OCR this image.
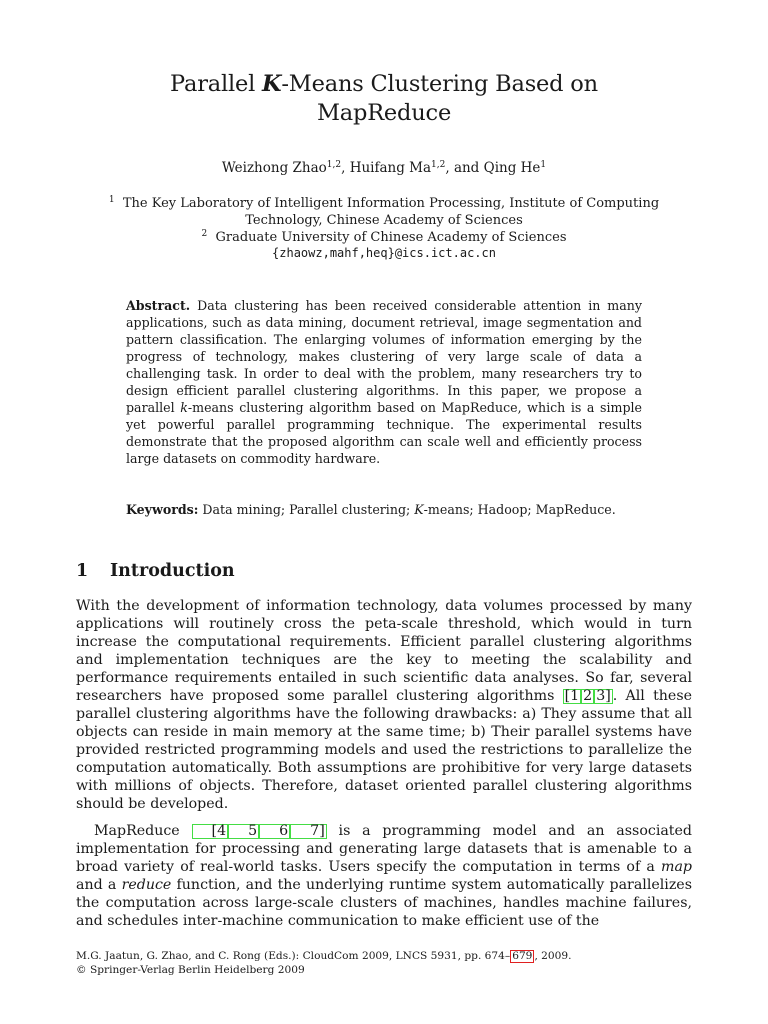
Parallel K-Means Clustering Based on
MapReduce
Weizhong Zhao$^{1,2}$, Huifang Ma$^{1,2}$, and Qing He$^1$
$^1$ The Key Laboratory of Intelligent Information Processing, Institute of Computing Technology, Chinese Academy of Sciences
$^2$ Graduate University of Chinese Academy of Sciences
{zhaowz,mahf,heq}@ics.ict.ac.cn
Abstract. Data clustering has been received considerable attention in many applications, such as data mining, document retrieval, image segmentation and pattern classification. The enlarging volumes of information emerging by the progress of technology, makes clustering of very large scale of data a challenging task. In order to deal with the problem, many researchers try to design efficient parallel clustering algorithms. In this paper, we propose a parallel k-means clustering algorithm based on MapReduce, which is a simple yet powerful parallel programming technique. The experimental results demonstrate that the proposed algorithm can scale well and efficiently process large datasets on commodity hardware.
Keywords: Data mining; Parallel clustering; K-means; Hadoop; MapReduce.
1 Introduction
With the development of information technology, data volumes processed by many applications will routinely cross the peta-scale threshold, which would in turn increase the computational requirements. Efficient parallel clustering algorithms and implementation techniques are the key to meeting the scalability and performance requirements entailed in such scientific data analyses. So far, several researchers have proposed some parallel clustering algorithms [1 2 3] . All these parallel clustering algorithms have the following drawbacks: a) They assume that all objects can reside in main memory at the same time; b) Their parallel systems have provided restricted programming models and used the restrictions to parallelize the computation automatically. Both assumptions are prohibitive for very large datasets with millions of objects. Therefore, dataset oriented parallel clustering algorithms should be developed.
MapReduce [4 5 6 7] is a programming model and an associated implementation for processing and generating large datasets that is amenable to a broad variety of real-world tasks. Users specify the computation in terms of a map and a reduce function, and the underlying runtime system automatically parallelizes the computation across large-scale clusters of machines, handles machine failures, and schedules inter-machine communication to make efficient use of the
M.G. Jaatun, G. Zhao, and C. Rong (Eds.): CloudCom 2009, LNCS 5931, pp. 674– 679 , 2009.
© Springer-Verlag Berlin Heidelberg 2009
